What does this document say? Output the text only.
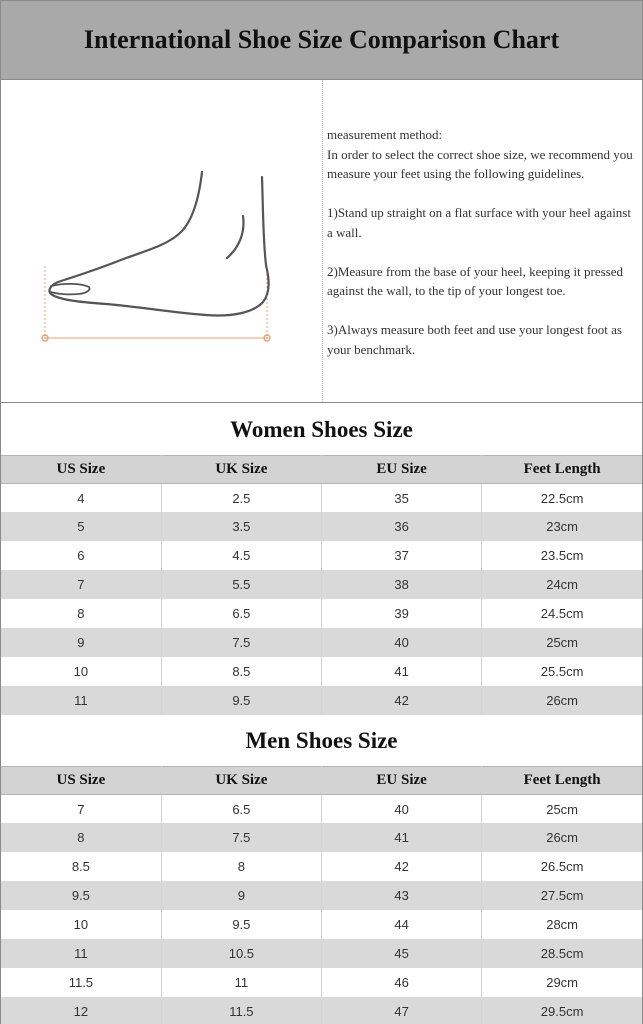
International Shoe Size Comparison Chart

measurement method:

In order to select the correct shoe size, we recommend you measure your feet using the following guidelines.

1)Stand up straight on a flat surface with your heel against a wall.

2)Measure from the base of your heel, keeping it pressed against the wall, to the tip of your longest toe.

3)Always measure both feet and use your longest foot as your benchmark.

Women Shoes Size
US Size	UK Size	EU Size	Feet Length
4	2.5	35	22.5cm
5	3.5	36	23cm
6	4.5	37	23.5cm
7	5.5	38	24cm
8	6.5	39	24.5cm
9	7.5	40	25cm
10	8.5	41	25.5cm
11	9.5	42	26cm
Men Shoes Size
US Size	UK Size	EU Size	Feet Length
7	6.5	40	25cm
8	7.5	41	26cm
8.5	8	42	26.5cm
9.5	9	43	27.5cm
10	9.5	44	28cm
11	10.5	45	28.5cm
11.5	11	46	29cm
12	11.5	47	29.5cm
